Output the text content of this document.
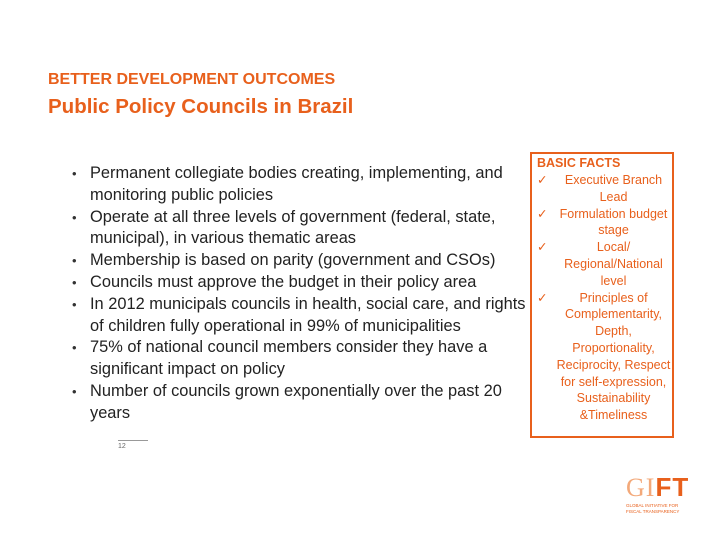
BETTER DEVELOPMENT OUTCOMES
Public Policy Councils in Brazil
• Permanent collegiate bodies creating, implementing, and monitoring public policies
• Operate at all three levels of government (federal, state, municipal), in various thematic areas
• Membership is based on parity (government and CSOs)
• Councils must approve the budget in their policy area
• In 2012 municipals councils in health, social care, and rights of children fully operational in 99% of municipalities
• 75% of national council members consider they have a significant impact on policy
• Number of councils grown exponentially over the past 20 years
BASIC FACTS
✓	Executive Branch Lead
✓ Formulation budget stage
✓	Local/ Regional/National level
✓	Principles of Complementarity, Depth, Proportionality, Reciprocity, Respect for self-expression, Sustainability &Timeliness
12
GIFT
GLOBAL INITIATIVE FOR FISCAL TRANSPARENCY
